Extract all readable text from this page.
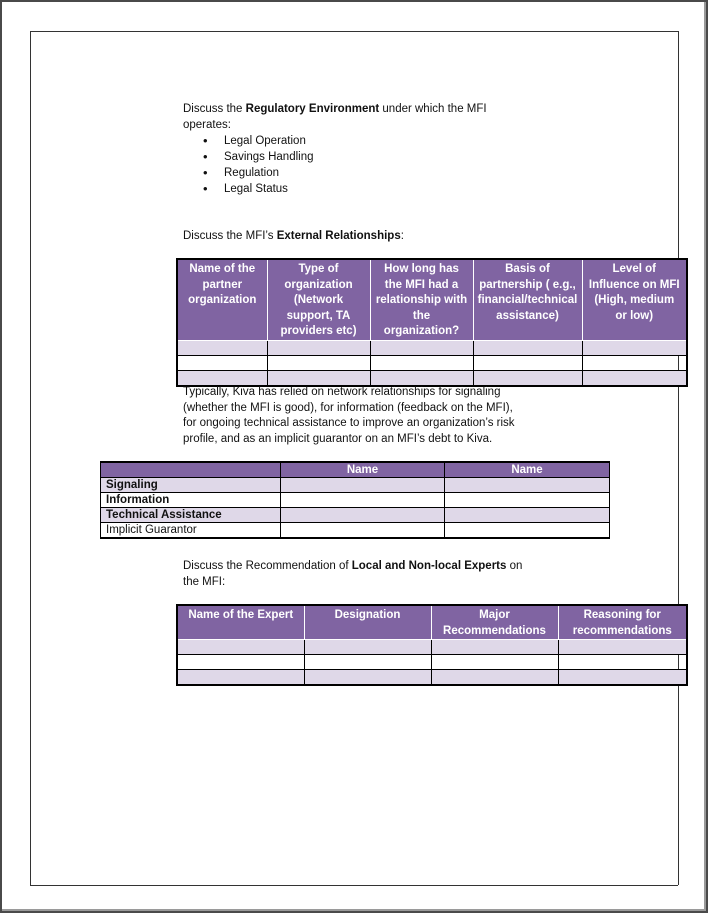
Discuss the Regulatory Environment under which the MFI
operates:
• Legal Operation
• Savings Handling
• Regulation
• Legal Status
Discuss the MFI’s External Relationships:
Name of the
partner
organization	Type of
organization
(Network
support, TA
providers etc)	How long has
the MFI had a
relationship with
the
organization?	Basis of
partnership ( e.g.,
financial/technical
assistance)	Level of
Influence on MFI
(High, medium
or low)

Typically, Kiva has relied on network relationships for signaling
(whether the MFI is good), for information (feedback on the MFI),
for ongoing technical assistance to improve an organization’s risk
profile, and as an implicit guarantor on an MFI’s debt to Kiva.
	Name	Name
Signaling		
Information		
Technical Assistance		
Implicit Guarantor		
Discuss the Recommendation of Local and Non-local Experts on
the MFI:
Name of the Expert	Designation	Major
Recommendations	Reasoning for
recommendations
